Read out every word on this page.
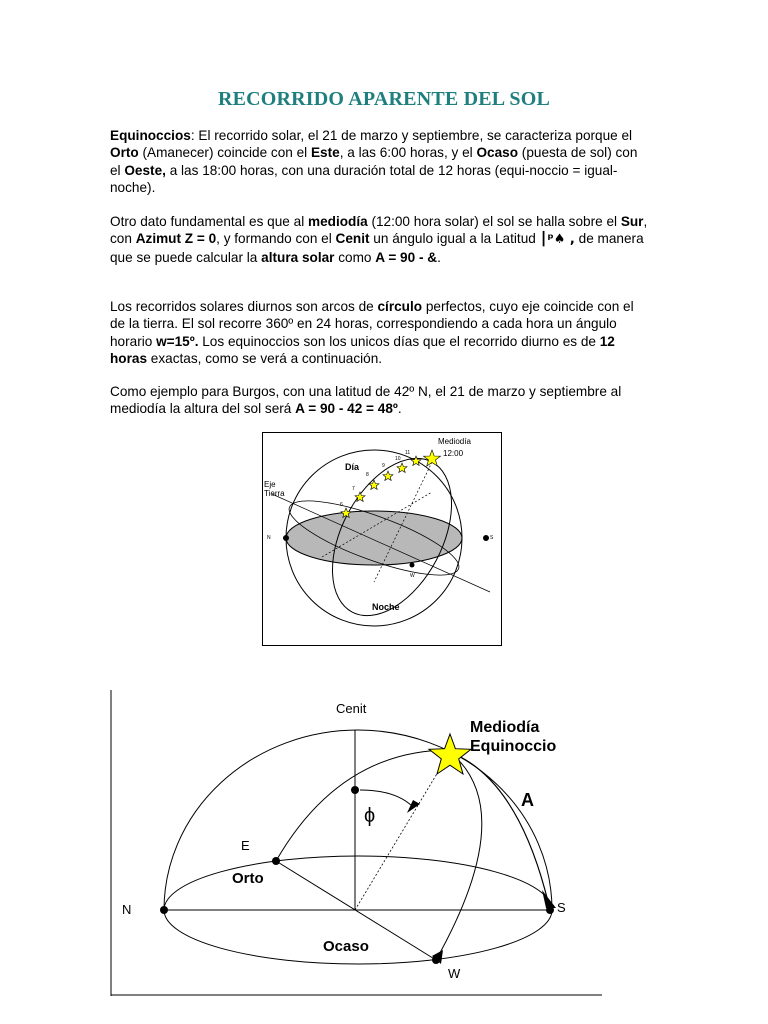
RECORRIDO APARENTE DEL SOL

Equinoccios: El recorrido solar, el 21 de marzo y septiembre, se caracteriza porque el Orto (Amanecer) coincide con el Este, a las 6:00 horas, y el Ocaso (puesta de sol) con el Oeste, a las 18:00 horas, con una duración total de 12 horas (equi-noccio = igual-noche).

Otro dato fundamental es que al mediodía (12:00 hora solar) el sol se halla sobre el Sur, con Azimut Z = 0, y formando con el Cenit un ángulo igual a la Latitud ⎮ᵖ♠ , de manera que se puede calcular la altura solar como A = 90 - &.

Los recorridos solares diurnos son arcos de círculo perfectos, cuyo eje coincide con el de la tierra. El sol recorre 360º en 24 horas, correspondiendo a cada hora un ángulo horario w=15º. Los equinoccios son los unicos días que el recorrido diurno es de 12 horas exactas, como se verá a continuación.

Como ejemplo para Burgos, con una latitud de 42º N, el 21 de marzo y septiembre al mediodía la altura del sol será A = 90 - 42 = 48º.

Mediodía
12:00
Día
Eje
Tierra
Noche
N	S
W
6
7
8
9
10
11
Cenit
Mediodía
Equinoccio
A
ϕ
E
Orto
N	S
Ocaso
W
